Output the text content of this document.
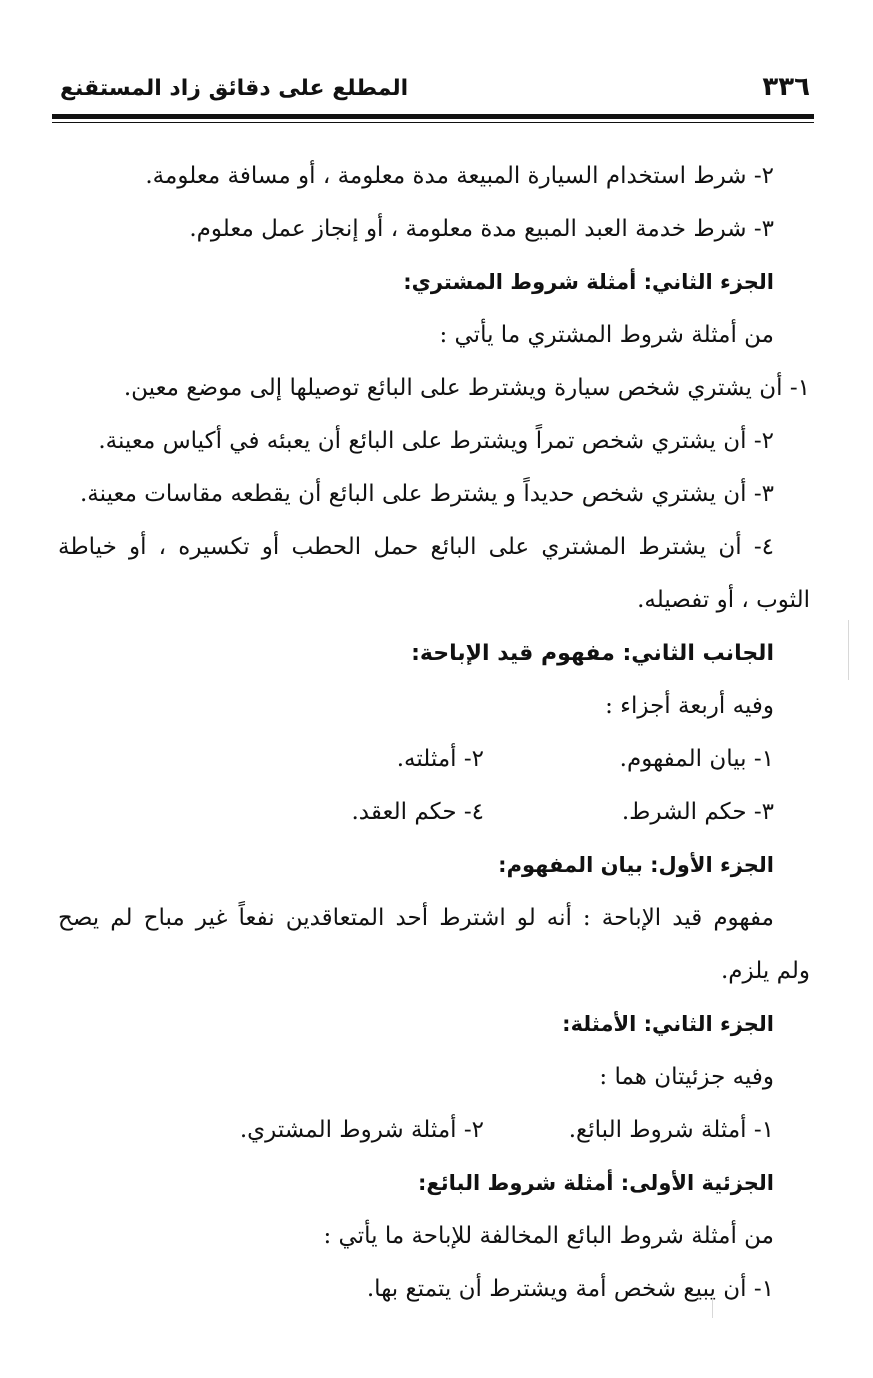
المطلع على دقائق زاد المستقنع	٣٣٦
٢- شرط استخدام السيارة المبيعة مدة معلومة ، أو مسافة معلومة.
٣- شرط خدمة العبد المبيع مدة معلومة ، أو إنجاز عمل معلوم.
الجزء الثاني: أمثلة شروط المشتري:
من أمثلة شروط المشتري ما يأتي :
١- أن يشتري شخص سيارة ويشترط على البائع توصيلها إلى موضع معين.
٢- أن يشتري شخص تمراً ويشترط على البائع أن يعبئه في أكياس معينة.
٣- أن يشتري شخص حديداً و يشترط على البائع أن يقطعه مقاسات معينة.
٤- أن يشترط المشتري على البائع حمل الحطب أو تكسيره ، أو خياطة
الثوب ، أو تفصيله.
الجانب الثاني: مفهوم قيد الإباحة:
وفيه أربعة أجزاء :
١- بيان المفهوم.
٢- أمثلته.
٣- حكم الشرط.
٤- حكم العقد.
الجزء الأول: بيان المفهوم:
مفهوم قيد الإباحة : أنه لو اشترط أحد المتعاقدين نفعاً غير مباح لم يصح
ولم يلزم.
الجزء الثاني: الأمثلة:
وفيه جزئيتان هما :
١- أمثلة شروط البائع.
٢- أمثلة شروط المشتري.
الجزئية الأولى: أمثلة شروط البائع:
من أمثلة شروط البائع المخالفة للإباحة ما يأتي :
١- أن يبيع شخص أمة ويشترط أن يتمتع بها.
